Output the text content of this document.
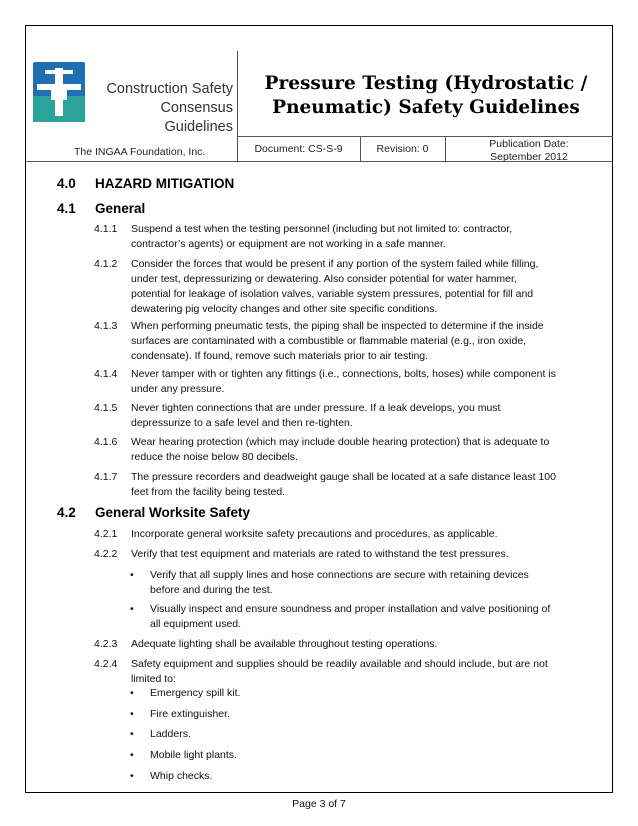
Construction Safety
Consensus Guidelines
Pressure Testing (Hydrostatic /
Pneumatic) Safety Guidelines
The INGAA Foundation, Inc.	Document: CS-S-9	Revision: 0	Publication Date:
September 2012
4.0 HAZARD MITIGATION
4.1 General
4.1.1 Suspend a test when the testing personnel (including but not limited to: contractor,
contractor’s agents) or equipment are not working in a safe manner.
4.1.2 Consider the forces that would be present if any portion of the system failed while filling,
under test, depressurizing or dewatering. Also consider potential for water hammer,
potential for leakage of isolation valves, variable system pressures, potential for fill and
dewatering pig velocity changes and other site specific conditions.
4.1.3 When performing pneumatic tests, the piping shall be inspected to determine if the inside
surfaces are contaminated with a combustible or flammable material (e.g., iron oxide,
condensate). If found, remove such materials prior to air testing.
4.1.4 Never tamper with or tighten any fittings (i.e., connections, bolts, hoses) while component is
under any pressure.
4.1.5 Never tighten connections that are under pressure. If a leak develops, you must
depressurize to a safe level and then re-tighten.
4.1.6 Wear hearing protection (which may include double hearing protection) that is adequate to
reduce the noise below 80 decibels.
4.1.7 The pressure recorders and deadweight gauge shall be located at a safe distance least 100
feet from the facility being tested.
4.2 General Worksite Safety
4.2.1 Incorporate general worksite safety precautions and procedures, as applicable.
4.2.2 Verify that test equipment and materials are rated to withstand the test pressures.
• Verify that all supply lines and hose connections are secure with retaining devices
before and during the test.
• Visually inspect and ensure soundness and proper installation and valve positioning of
all equipment used.
4.2.3 Adequate lighting shall be available throughout testing operations.
4.2.4 Safety equipment and supplies should be readily available and should include, but are not
limited to:
• Emergency spill kit.
• Fire extinguisher.
• Ladders.
• Mobile light plants.
• Whip checks.
Page 3 of 7
